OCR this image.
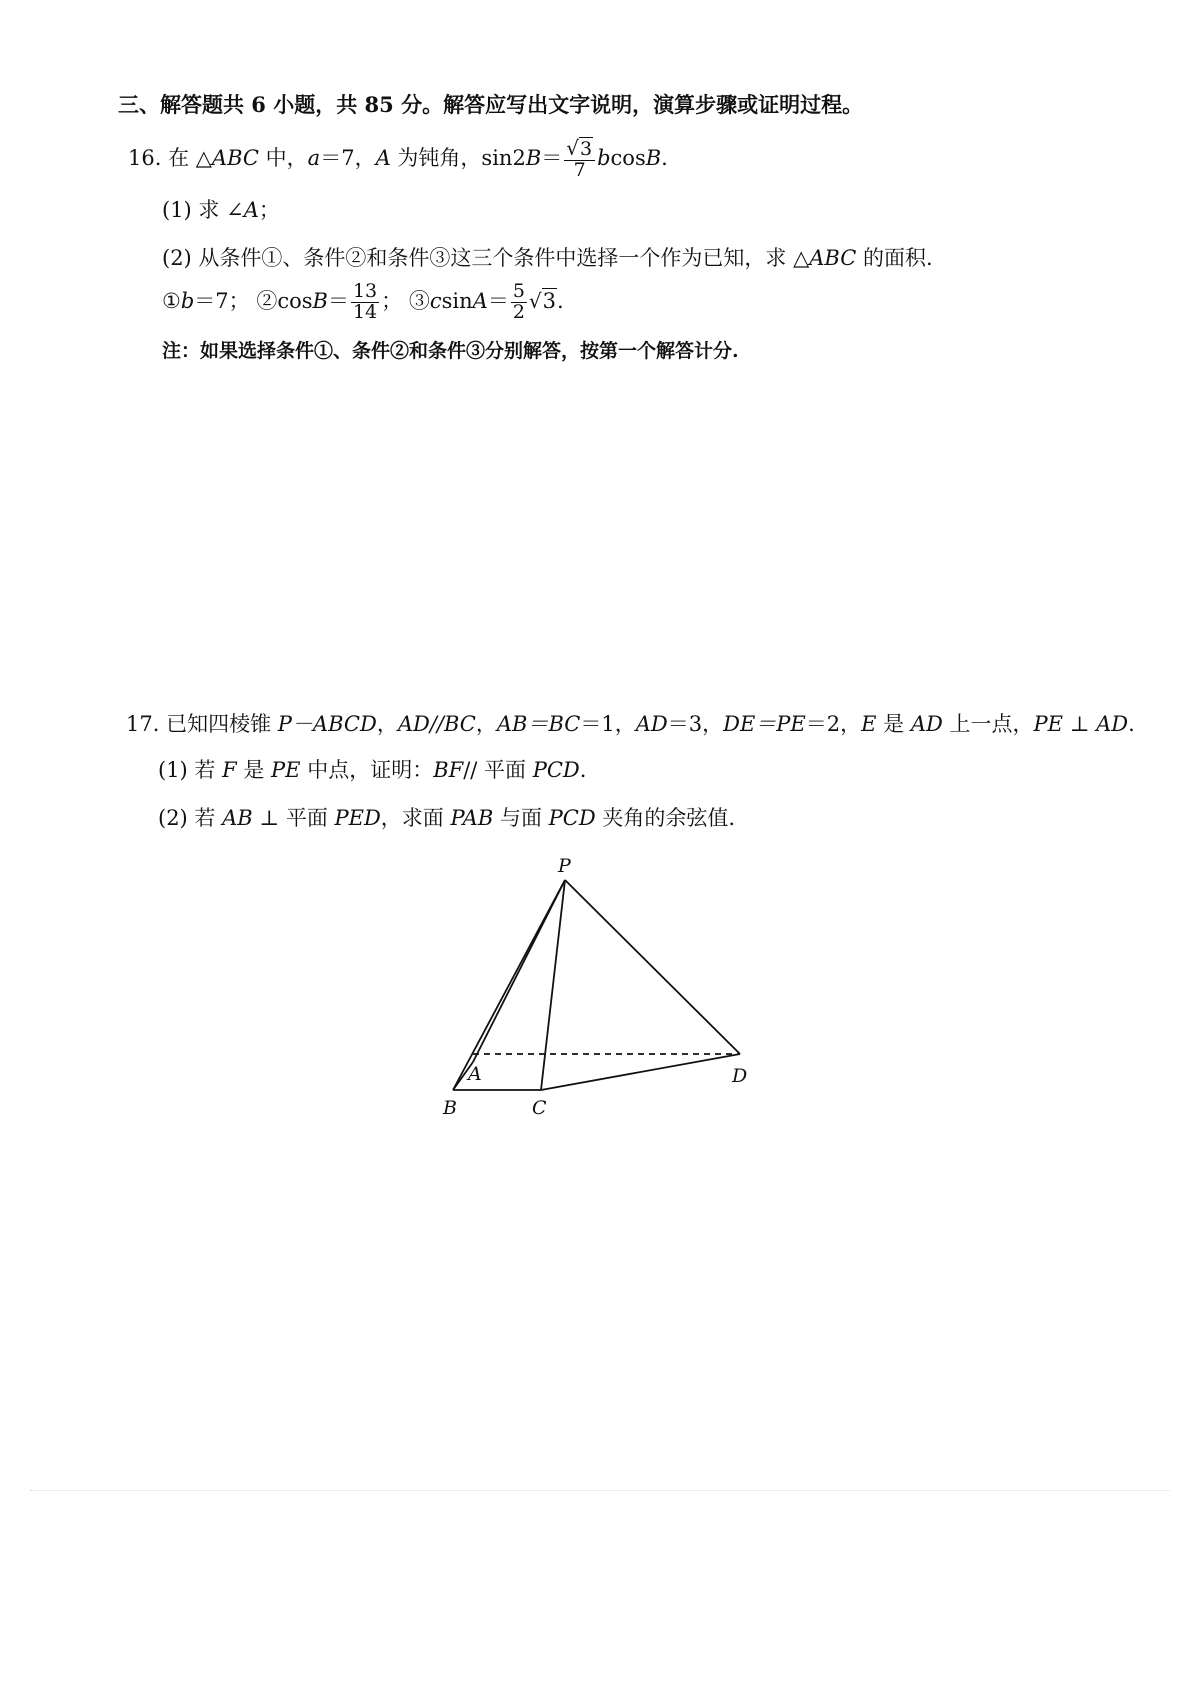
三、解答题共 6 小题，共 85 分。解答应写出文字说明，演算步骤或证明过程。
16. 在 △ABC 中，a＝7，A 为钝角，$\sin 2B= \frac{√3}{7} bcosB$.
(1) 求 ∠A；
(2) 从条件①、条件②和条件③这三个条件中选择一个作为已知，求 △ABC 的面积.
①b＝7； ②cosB＝ $\frac{13}{14}$ ； ③csinA＝ $\frac{5}{2} √3$.
注：如果选择条件①、条件②和条件③分别解答，按第一个解答计分.
17. 已知四棱锥 P－ABCD，AD//BC，AB＝BC＝1，AD＝3，DE＝PE＝2，E 是 AD 上一点，PE ⊥ AD.
(1) 若 F 是 PE 中点，证明：BF// 平面 PCD.
(2) 若 AB ⊥ 平面 PED，求面 PAB 与面 PCD 夹角的余弦值.
P
A
B	C
D
